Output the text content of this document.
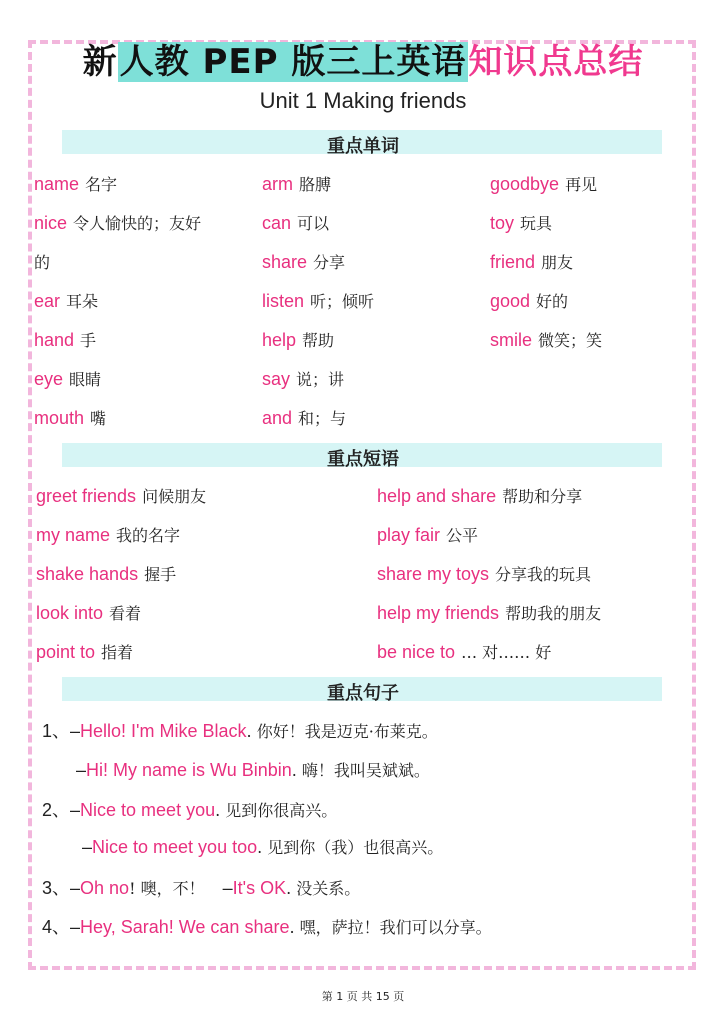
新人教 PEP 版三上英语知识点总结
Unit 1 Making friends
重点单词
name 名字	arm 胳膊	goodbye 再见
nice 令人愉快的；友好	can 可以	toy 玩具
的	share 分享	friend 朋友
ear 耳朵	listen 听；倾听	good 好的
hand 手	help 帮助	smile 微笑；笑
eye 眼睛	say 说；讲
mouth 嘴	and 和；与
重点短语
greet friends 问候朋友	help and share 帮助和分享
my name 我的名字	play fair 公平
shake hands 握手	share my toys 分享我的玩具
look into 看着	help my friends 帮助我的朋友
point to 指着	be nice to … 对…… 好
重点句子
1、–Hello! I'm Mike Black. 你好！我是迈克·布莱克。
–Hi! My name is Wu Binbin. 嗨！我叫吴斌斌。
2、–Nice to meet you. 见到你很高兴。
–Nice to meet you too. 见到你（我）也很高兴。
3、–Oh no! 噢，不！ –It's OK. 没关系。
4、–Hey, Sarah! We can share. 嘿，萨拉！我们可以分享。
第 1 页 共 15 页
